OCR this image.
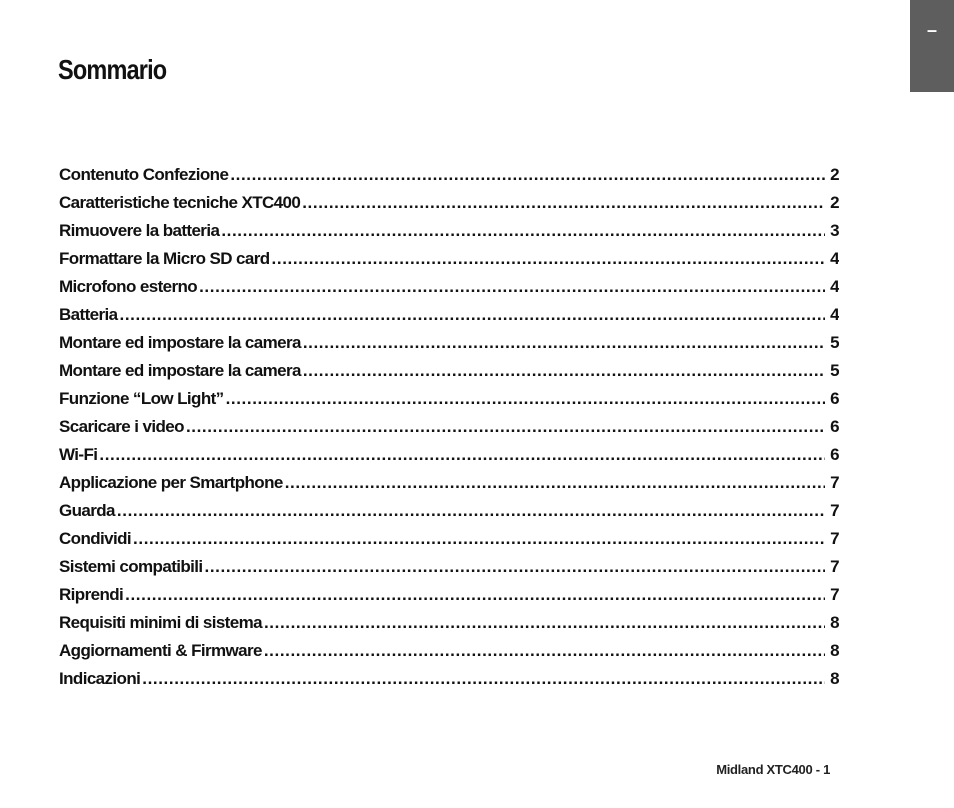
–
Sommario
Contenuto Confezione .....	2
Caratteristiche tecniche XTC400 .....	2
Rimuovere la batteria .....	3
Formattare la Micro SD card .....	4
Microfono esterno .....	4
Batteria .....	4
Montare ed impostare la camera .....	5
Montare ed impostare la camera .....	5
Funzione “Low Light” .....	6
Scaricare i video .....	6
Wi-Fi .....	6
Applicazione per Smartphone .....	7
Guarda .....	7
Condividi .....	7
Sistemi compatibili .....	7
Riprendi .....	7
Requisiti minimi di sistema .....	8
Aggiornamenti & Firmware .....	8
Indicazioni .....	8
Midland XTC400 - 1
